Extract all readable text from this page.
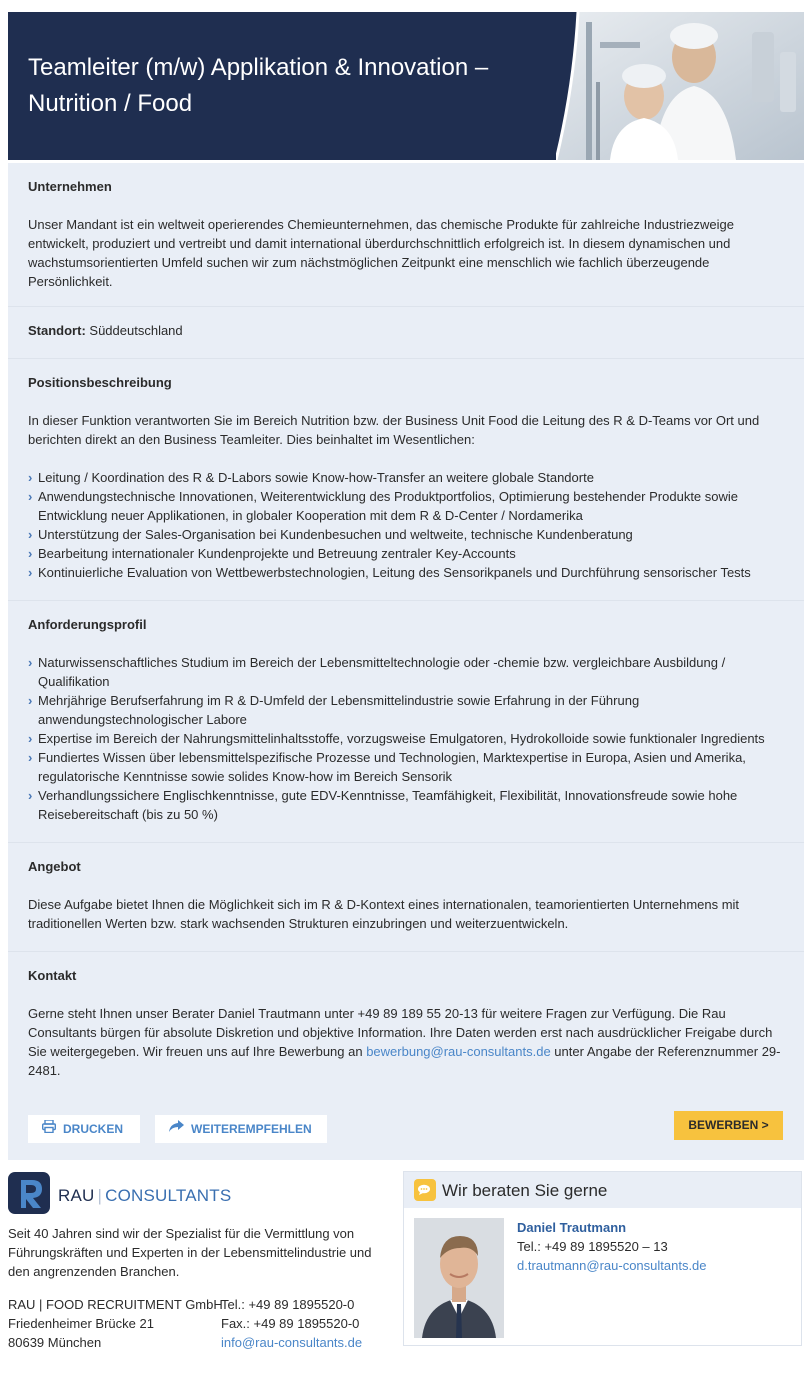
Teamleiter (m/w) Applikation & Innovation – Nutrition / Food
Unternehmen

Unser Mandant ist ein weltweit operierendes Chemieunternehmen, das chemische Produkte für zahlreiche Industriezweige entwickelt, produziert und vertreibt und damit international überdurchschnittlich erfolgreich ist. In diesem dynamischen und wachstumsorientierten Umfeld suchen wir zum nächstmöglichen Zeitpunkt eine menschlich wie fachlich überzeugende Persönlichkeit.

Standort: Süddeutschland

Positionsbeschreibung

In dieser Funktion verantworten Sie im Bereich Nutrition bzw. der Business Unit Food die Leitung des R & D-Teams vor Ort und berichten direkt an den Business Teamleiter. Dies beinhaltet im Wesentlichen:

› Leitung / Koordination des R & D-Labors sowie Know-how-Transfer an weitere globale Standorte
› Anwendungstechnische Innovationen, Weiterentwicklung des Produktportfolios, Optimierung bestehender Produkte sowie Entwicklung neuer Applikationen, in globaler Kooperation mit dem R & D-Center / Nordamerika
› Unterstützung der Sales-Organisation bei Kundenbesuchen und weltweite, technische Kundenberatung
› Bearbeitung internationaler Kundenprojekte und Betreuung zentraler Key-Accounts
› Kontinuierliche Evaluation von Wettbewerbstechnologien, Leitung des Sensorikpanels und Durchführung sensorischer Tests
Anforderungsprofil
› Naturwissenschaftliches Studium im Bereich der Lebensmitteltechnologie oder -chemie bzw. vergleichbare Ausbildung / Qualifikation
› Mehrjährige Berufserfahrung im R & D-Umfeld der Lebensmittelindustrie sowie Erfahrung in der Führung anwendungstechnologischer Labore
› Expertise im Bereich der Nahrungsmittelinhaltsstoffe, vorzugsweise Emulgatoren, Hydrokolloide sowie funktionaler Ingredients
› Fundiertes Wissen über lebensmittelspezifische Prozesse und Technologien, Marktexpertise in Europa, Asien und Amerika, regulatorische Kenntnisse sowie solides Know-how im Bereich Sensorik
› Verhandlungssichere Englischkenntnisse, gute EDV-Kenntnisse, Teamfähigkeit, Flexibilität, Innovationsfreude sowie hohe Reisebereitschaft (bis zu 50 %)
Angebot

Diese Aufgabe bietet Ihnen die Möglichkeit sich im R & D-Kontext eines internationalen, teamorientierten Unternehmens mit traditionellen Werten bzw. stark wachsenden Strukturen einzubringen und weiterzuentwickeln.

Kontakt

Gerne steht Ihnen unser Berater Daniel Trautmann unter +49 89 189 55 20-13 für weitere Fragen zur Verfügung. Die Rau Consultants bürgen für absolute Diskretion und objektive Information. Ihre Daten werden erst nach ausdrücklicher Freigabe durch Sie weitergegeben. Wir freuen uns auf Ihre Bewerbung an bewerbung@rau-consultants.de unter Angabe der Referenznummer 29-2481.

DRUCKEN	WEITEREMPFEHLEN	BEWERBEN >
RAU | CONSULTANTS

Seit 40 Jahren sind wir der Spezialist für die Vermittlung von Führungskräften und Experten in der Lebensmittelindustrie und den angrenzenden Branchen.

RAU | FOOD RECRUITMENT GmbH
Friedenheimer Brücke 21
80639 München
Tel.: +49 89 1895520-0
Fax.: +49 89 1895520-0
info@rau-consultants.de
Wir beraten Sie gerne
Daniel Trautmann
Tel.: +49 89 1895520 – 13
d.trautmann@rau-consultants.de
